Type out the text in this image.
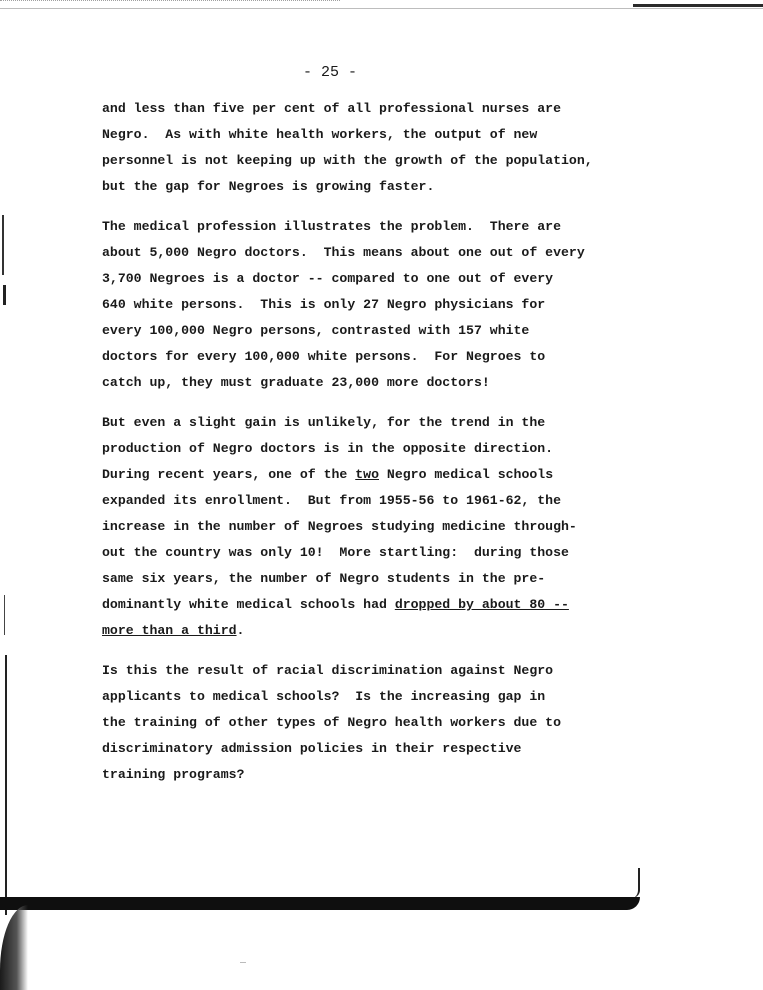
- 25 -
and less than five per cent of all professional nurses are
Negro.  As with white health workers, the output of new
personnel is not keeping up with the growth of the population,
but the gap for Negroes is growing faster.
The medical profession illustrates the problem.  There are
about 5,000 Negro doctors.  This means about one out of every
3,700 Negroes is a doctor -- compared to one out of every
640 white persons.  This is only 27 Negro physicians for
every 100,000 Negro persons, contrasted with 157 white
doctors for every 100,000 white persons.  For Negroes to
catch up, they must graduate 23,000 more doctors!
But even a slight gain is unlikely, for the trend in the
production of Negro doctors is in the opposite direction.
During recent years, one of the two Negro medical schools
expanded its enrollment.  But from 1955-56 to 1961-62, the
increase in the number of Negroes studying medicine through-
out the country was only 10!  More startling:  during those
same six years, the number of Negro students in the pre-
dominantly white medical schools had dropped by about 80 --
more than a third.
Is this the result of racial discrimination against Negro
applicants to medical schools?  Is the increasing gap in
the training of other types of Negro health workers due to
discriminatory admission policies in their respective
training programs?
